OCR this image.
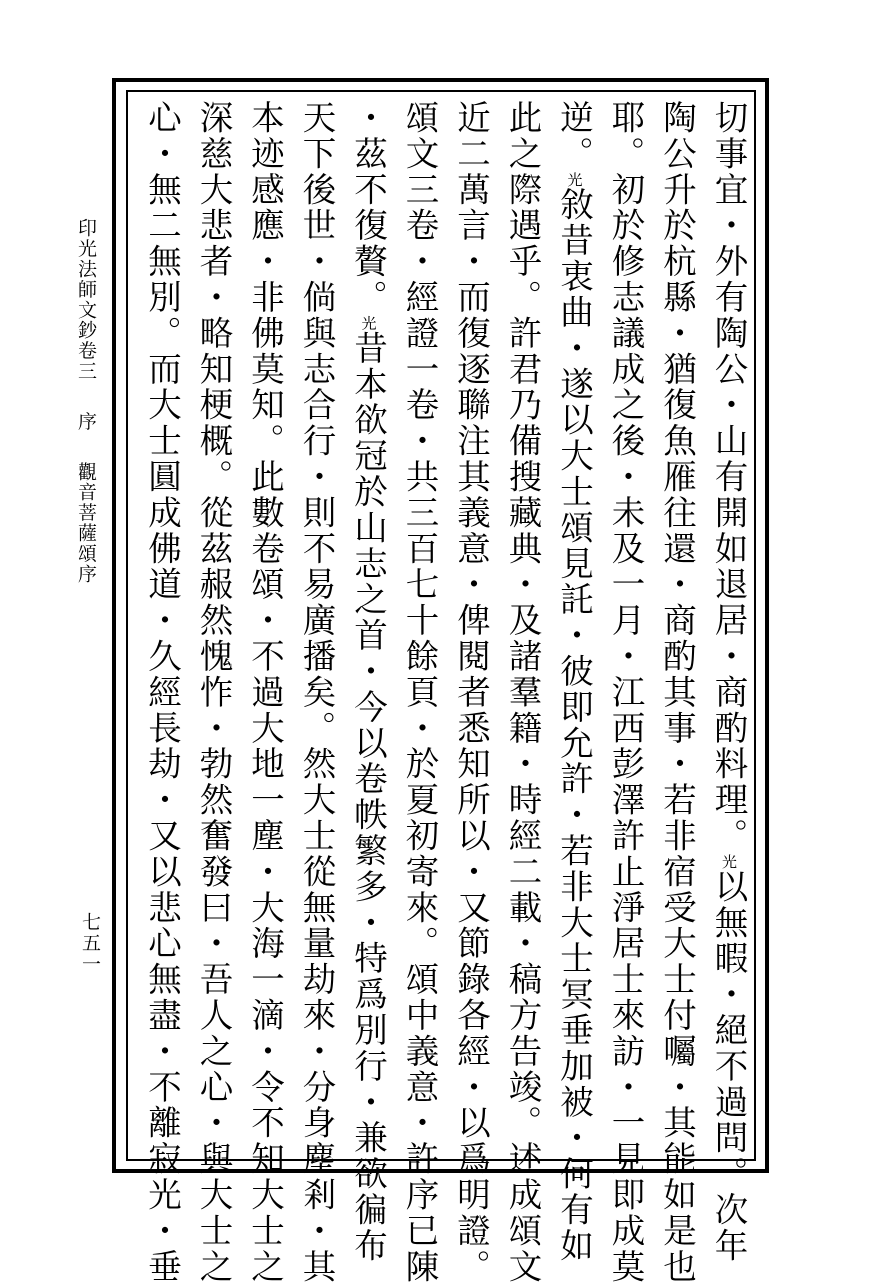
印光法師文鈔卷三序觀音菩薩頌序
七五一
切事宜・外有陶公・山有開如退居・商酌料理。$^光$以無暇・絕不過問。次年
陶公升於杭縣・猶復魚雁往還・商酌其事・若非宿受大士付囑・其能如是也
耶。初於修志議成之後・未及一月・江西彭澤許止淨居士來訪・一見即成莫
逆。$^光$敘昔衷曲・遂以大士頌見託・彼即允許・若非大士冥垂加被・何有如
此之際遇乎。許君乃備搜藏典・及諸羣籍・時經二載・稿方告竣。述成頌文
近二萬言・而復逐聯注其義意・俾閱者悉知所以・又節錄各經・以爲明證。
頌文三卷・經證一卷・共三百七十餘頁・於夏初寄來。頌中義意・許序已陳
・茲不復贅。$^光$昔本欲冠於山志之首・今以卷帙繁多・特爲別行・兼欲徧布
天下後世・倘與志合行・則不易廣播矣。然大士從無量劫來・分身塵剎・其
本迹感應・非佛莫知。此數卷頌・不過大地一塵・大海一滴・令不知大士之
深慈大悲者・略知梗概。從茲赧然愧怍・勃然奮發曰・吾人之心・與大士之
心・無二無別。而大士圓成佛道・久經長劫・又以悲心無盡・不離寂光・垂
